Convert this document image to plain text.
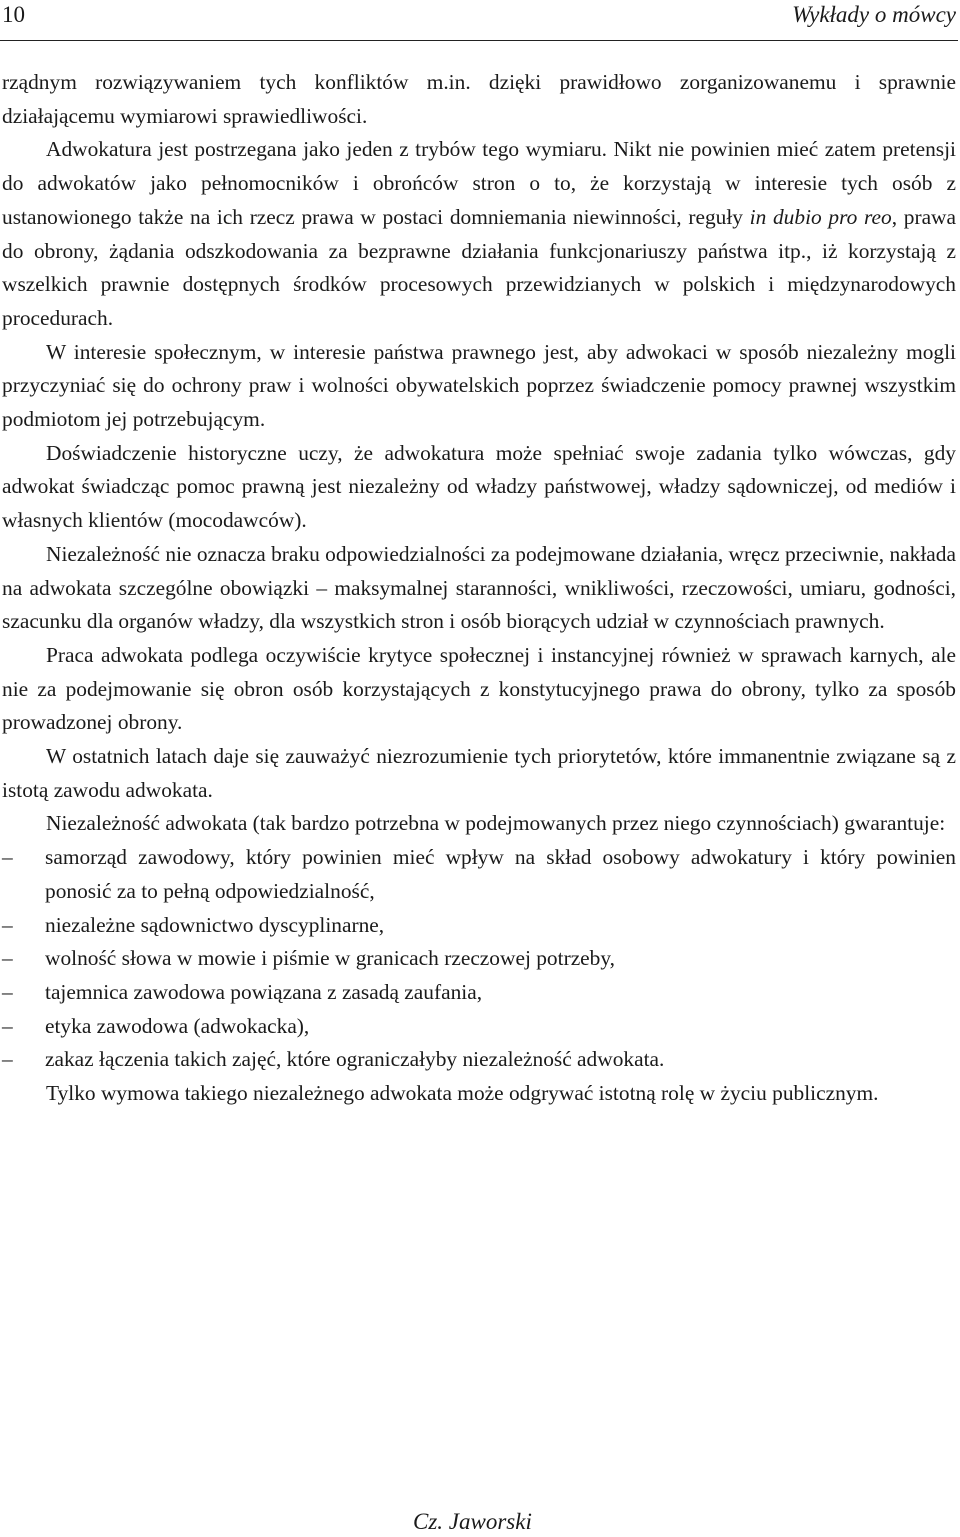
10	Wykłady o mówcy

rządnym rozwiązywaniem tych konfliktów m.in. dzięki prawidłowo zorganizowanemu i sprawnie działającemu wymiarowi sprawiedliwości.

Adwokatura jest postrzegana jako jeden z trybów tego wymiaru. Nikt nie powinien mieć zatem pretensji do adwokatów jako pełnomocników i obrońców stron o to, że korzystają w interesie tych osób z ustanowionego także na ich rzecz prawa w postaci domniemania niewinności, reguły in dubio pro reo, prawa do obrony, żądania odszkodowania za bezprawne działania funkcjonariuszy państwa itp., iż korzystają z wszelkich prawnie dostępnych środków procesowych przewidzianych w polskich i międzynarodowych procedurach.

W interesie społecznym, w interesie państwa prawnego jest, aby adwokaci w sposób niezależny mogli przyczyniać się do ochrony praw i wolności obywatelskich poprzez świadczenie pomocy prawnej wszystkim podmiotom jej potrzebującym.

Doświadczenie historyczne uczy, że adwokatura może spełniać swoje zadania tylko wówczas, gdy adwokat świadcząc pomoc prawną jest niezależny od władzy państwowej, władzy sądowniczej, od mediów i własnych klientów (mocodawców).

Niezależność nie oznacza braku odpowiedzialności za podejmowane działania, wręcz przeciwnie, nakłada na adwokata szczególne obowiązki – maksymalnej staranności, wnikliwości, rzeczowości, umiaru, godności, szacunku dla organów władzy, dla wszystkich stron i osób biorących udział w czynnościach prawnych.

Praca adwokata podlega oczywiście krytyce społecznej i instancyjnej również w sprawach karnych, ale nie za podejmowanie się obron osób korzystających z konstytucyjnego prawa do obrony, tylko za sposób prowadzonej obrony.

W ostatnich latach daje się zauważyć niezrozumienie tych priorytetów, które immanentnie związane są z istotą zawodu adwokata.

Niezależność adwokata (tak bardzo potrzebna w podejmowanych przez niego czynnościach) gwarantuje:

– samorząd zawodowy, który powinien mieć wpływ na skład osobowy adwokatury i który powinien ponosić za to pełną odpowiedzialność,
– niezależne sądownictwo dyscyplinarne,
– wolność słowa w mowie i piśmie w granicach rzeczowej potrzeby,
– tajemnica zawodowa powiązana z zasadą zaufania,
– etyka zawodowa (adwokacka),
– zakaz łączenia takich zajęć, które ograniczałyby niezależność adwokata.

Tylko wymowa takiego niezależnego adwokata może odgrywać istotną rolę w życiu publicznym.

Cz. Jaworski
